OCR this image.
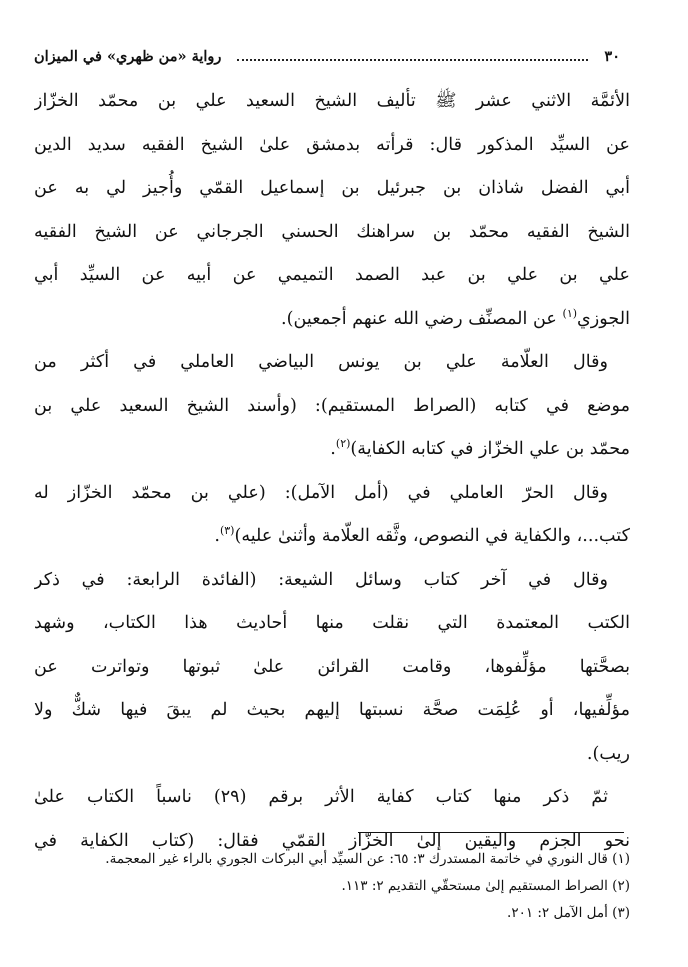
٣٠
رواية «من ظهري» في الميزان
الأئمَّة الاثني عشر ﷺ تأليف الشيخ السعيد علي بن محمّد الخزّاز
عن السيِّد المذكور قال: قرأته بدمشق علىٰ الشيخ الفقيه سديد الدين
أبي الفضل شاذان بن جبرئيل بن إسماعيل القمّي وأُجيز لي به عن
الشيخ الفقيه محمّد بن سراهنك الحسني الجرجاني عن الشيخ الفقيه
علي بن علي بن عبد الصمد التميمي عن أبيه عن السيِّد أبي
الجوزي$^{(١)}$ عن المصنِّف رضي الله عنهم أجمعين).
وقال العلّامة علي بن يونس البياضي العاملي في أكثر من
موضع في كتابه (الصراط المستقيم): (وأسند الشيخ السعيد علي بن
محمّد بن علي الخزّاز في كتابه الكفاية)$^{(٢)}$.
وقال الحرّ العاملي في (أمل الآمل): (علي بن محمّد الخزّاز له
كتب...، والكفاية في النصوص، وثَّقه العلّامة وأثنىٰ عليه)$^{(٣)}$.
وقال في آخر كتاب وسائل الشيعة: (الفائدة الرابعة: في ذكر
الكتب المعتمدة التي نقلت منها أحاديث هذا الكتاب، وشهد
بصحَّتها مؤلِّفوها، وقامت القرائن علىٰ ثبوتها وتواترت عن
مؤلِّفيها، أو عُلِمَت صحَّة نسبتها إليهم بحيث لم يبقَ فيها شكٌّ ولا
ريب).
ثمّ ذكر منها كتاب كفاية الأثر برقم (٢٩) ناسباً الكتاب علىٰ
نحو الجزم واليقين إلىٰ الخزّاز القمّي فقال: (كتاب الكفاية في
(١) قال النوري في خاتمة المستدرك ٣: ٦٥: عن السيِّد أبي البركات الجوري بالراء غير المعجمة.
(٢) الصراط المستقيم إلىٰ مستحقّي التقديم ٢: ١١٣.
(٣) أمل الآمل ٢: ٢٠١.
